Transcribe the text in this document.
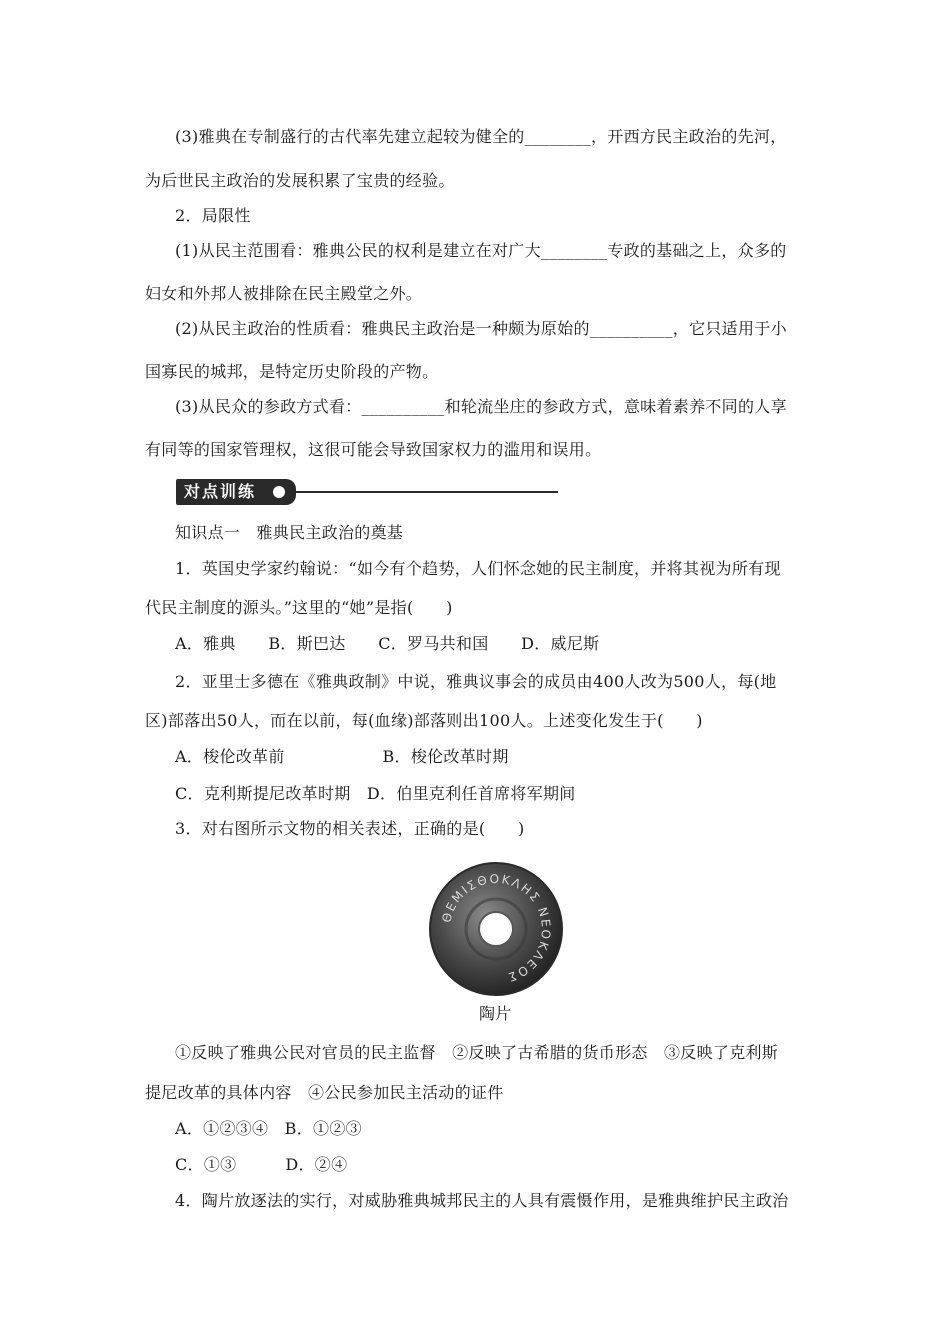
(3)雅典在专制盛行的古代率先建立起较为健全的________，开西方民主政治的先河，
为后世民主政治的发展积累了宝贵的经验。
2．局限性
(1)从民主范围看：雅典公民的权利是建立在对广大________专政的基础之上，众多的
妇女和外邦人被排除在民主殿堂之外。
(2)从民主政治的性质看：雅典民主政治是一种颇为原始的__________，它只适用于小
国寡民的城邦，是特定历史阶段的产物。
(3)从民众的参政方式看：__________和轮流坐庄的参政方式，意味着素养不同的人享
有同等的国家管理权，这很可能会导致国家权力的滥用和误用。
知识点一　雅典民主政治的奠基
1．英国史学家约翰说：“如今有个趋势，人们怀念她的民主制度，并将其视为所有现
代民主制度的源头。”这里的“她”是指(　　)
A．雅典　　B．斯巴达　　C．罗马共和国　　D．威尼斯
2．亚里士多德在《雅典政制》中说，雅典议事会的成员由400人改为500人，每(地
区)部落出50人，而在以前，每(血缘)部落则出100人。上述变化发生于(　　)
A．梭伦改革前　　　　　　B．梭伦改革时期
C．克利斯提尼改革时期　D．伯里克利任首席将军期间
3．对右图所示文物的相关表述，正确的是(　　)
陶片
①反映了雅典公民对官员的民主监督　②反映了古希腊的货币形态　③反映了克利斯
提尼改革的具体内容　④公民参加民主活动的证件
A．①②③④　B．①②③
C．①③　　　D．②④
4．陶片放逐法的实行，对威胁雅典城邦民主的人具有震慑作用，是雅典维护民主政治
对点训练
ΘΕΜΙΣΘΟΚΛΗΣ ΝΕΟΚΛΕΟΣ
